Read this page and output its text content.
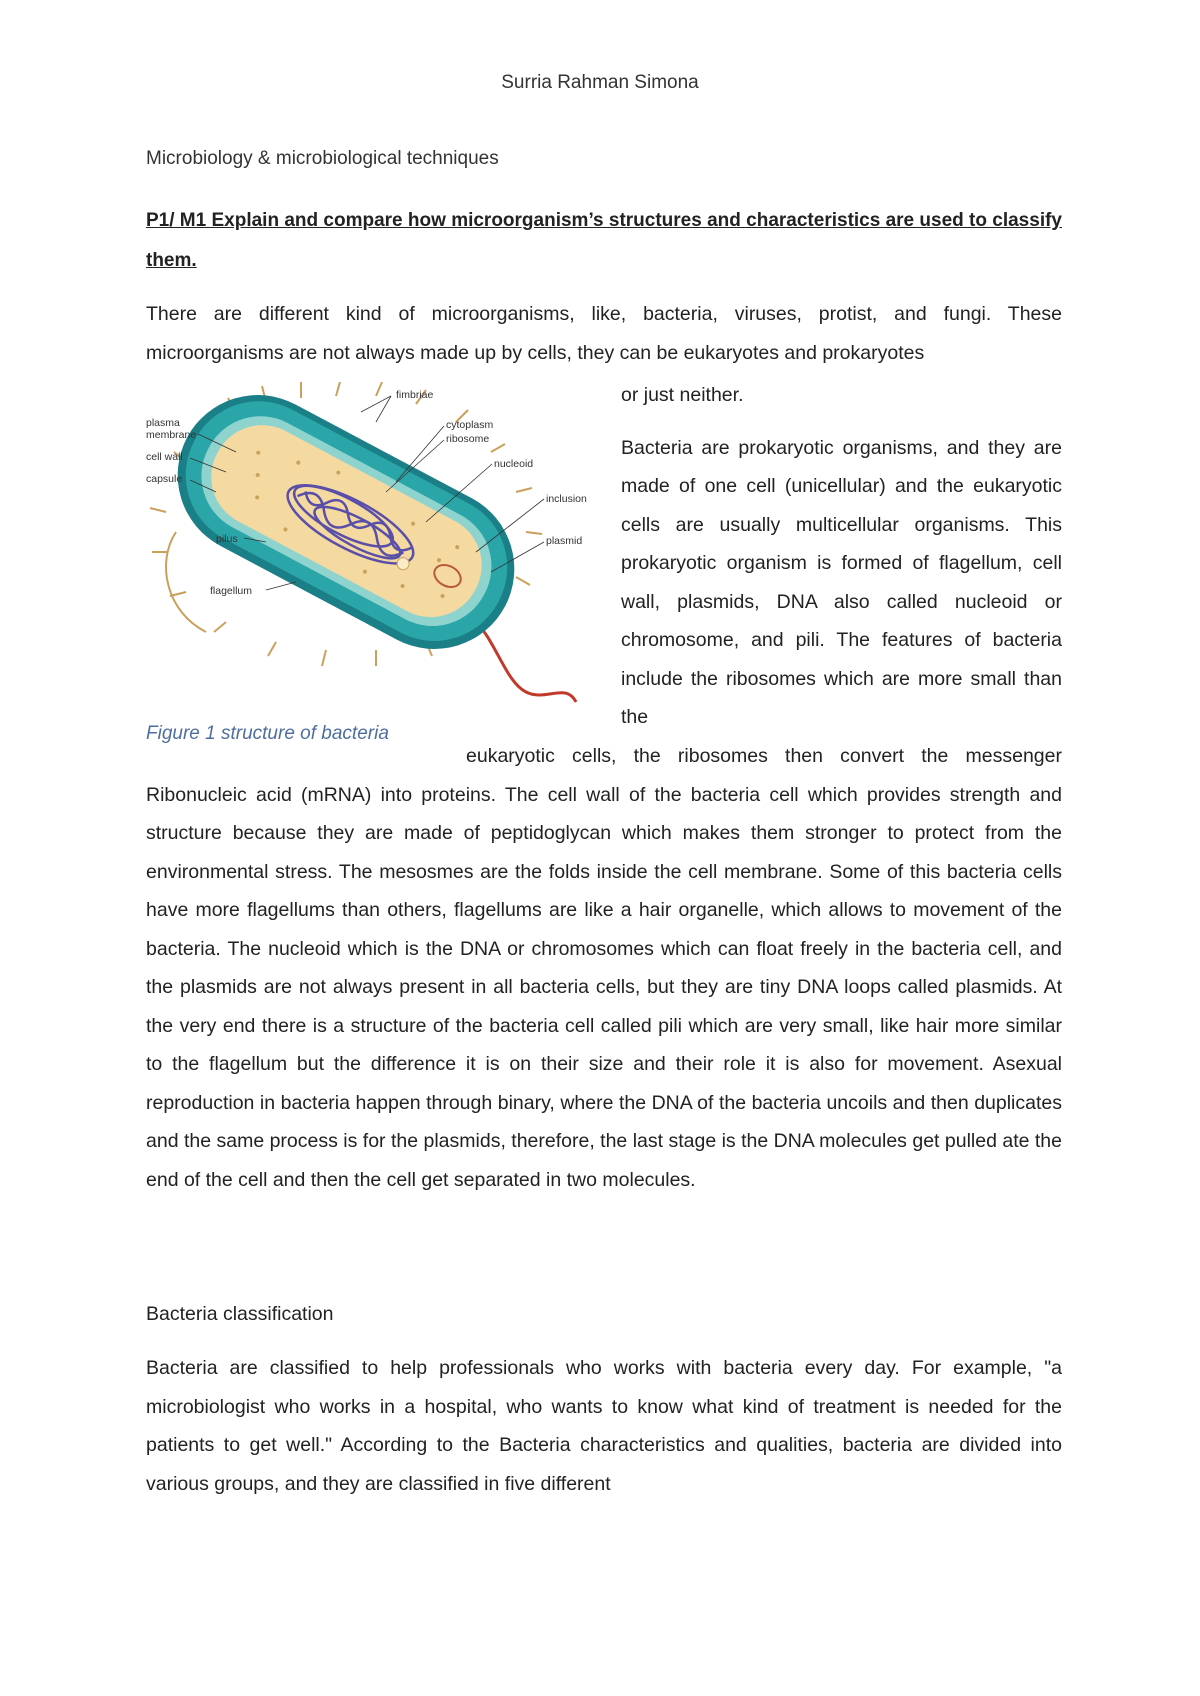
Surria Rahman Simona
Microbiology & microbiological techniques
P1/ M1 Explain and compare how microorganism’s structures and characteristics are used to classify them.

There are different kind of microorganisms, like, bacteria, viruses, protist, and fungi. These microorganisms are not always made up by cells, they can be eukaryotes and prokaryotes

fimbriae
cytoplasm
ribosome
nucleoid
inclusion
plasmid
plasma
membrane
cell wall
capsule
pilus
flagellum
Figure 1 structure of bacteria

or just neither.

Bacteria are prokaryotic organisms, and they are made of one cell (unicellular) and the eukaryotic cells are usually multicellular organisms. This prokaryotic organism is formed of flagellum, cell wall, plasmids, DNA also called nucleoid or chromosome, and pili. The features of bacteria include the ribosomes which are more small than the

eukaryotic cells, the ribosomes then convert the messenger
Ribonucleic acid (mRNA) into proteins. The cell wall of the bacteria cell which provides strength and structure because they are made of peptidoglycan which makes them stronger to protect from the environmental stress. The mesosmes are the folds inside the cell membrane. Some of this bacteria cells have more flagellums than others, flagellums are like a hair organelle, which allows to movement of the bacteria. The nucleoid which is the DNA or chromosomes which can float freely in the bacteria cell, and the plasmids are not always present in all bacteria cells, but they are tiny DNA loops called plasmids. At the very end there is a structure of the bacteria cell called pili which are very small, like hair more similar to the flagellum but the difference it is on their size and their role it is also for movement. Asexual reproduction in bacteria happen through binary, where the DNA of the bacteria uncoils and then duplicates and the same process is for the plasmids, therefore, the last stage is the DNA molecules get pulled ate the end of the cell and then the cell get separated in two molecules.

Bacteria classification

Bacteria are classified to help professionals who works with bacteria every day. For example, "a microbiologist who works in a hospital, who wants to know what kind of treatment is needed for the patients to get well." According to the Bacteria characteristics and qualities, bacteria are divided into various groups, and they are classified in five different
